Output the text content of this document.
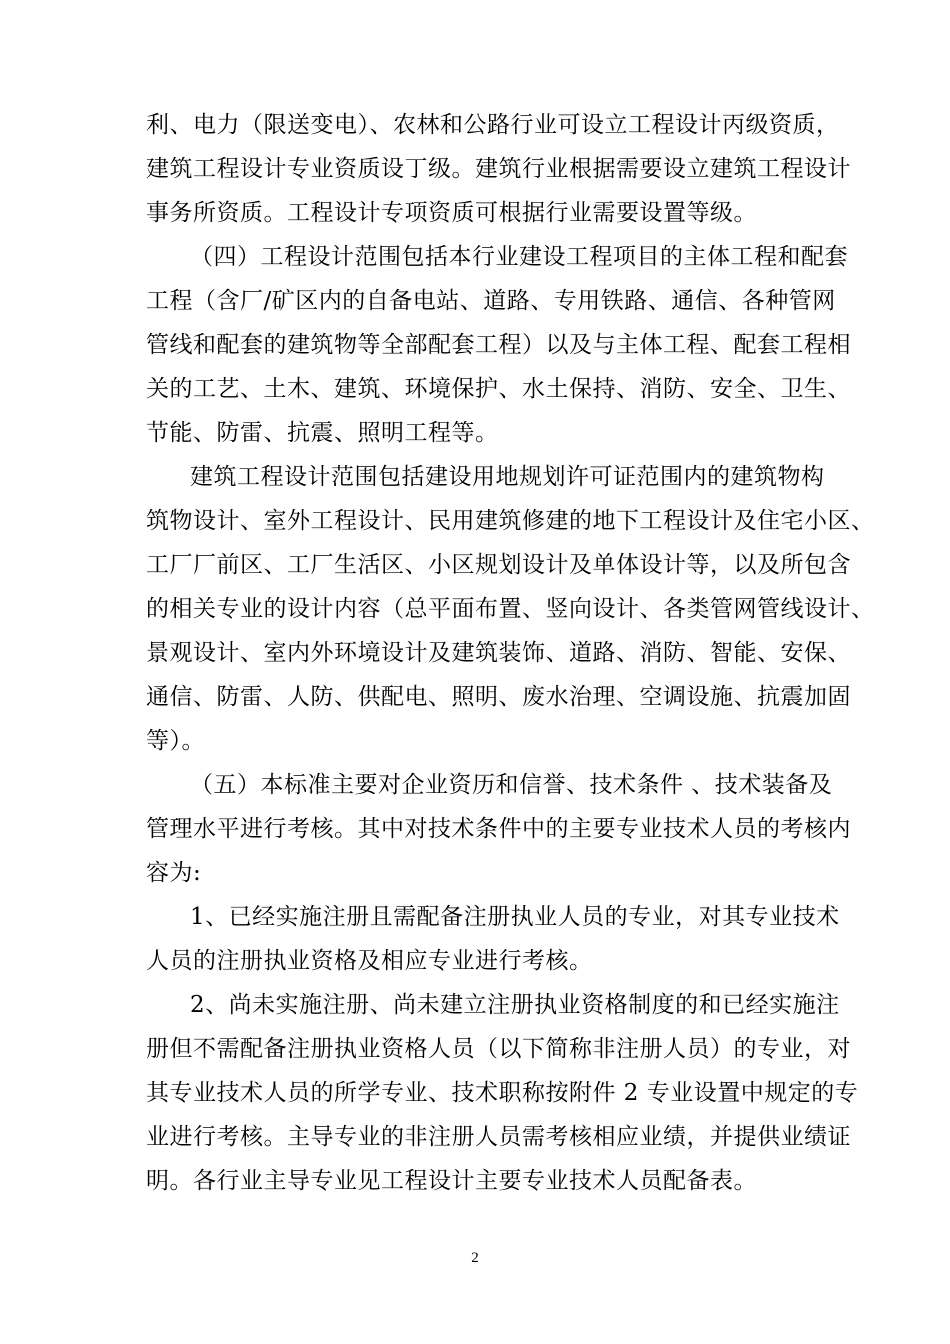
利、电力（限送变电）、农林和公路行业可设立工程设计丙级资质，
建筑工程设计专业资质设丁级。建筑行业根据需要设立建筑工程设计
事务所资质。工程设计专项资质可根据行业需要设置等级。
（四）工程设计范围包括本行业建设工程项目的主体工程和配套
工程（含厂/矿区内的自备电站、道路、专用铁路、通信、各种管网
管线和配套的建筑物等全部配套工程）以及与主体工程、配套工程相
关的工艺、土木、建筑、环境保护、水土保持、消防、安全、卫生、
节能、防雷、抗震、照明工程等。
建筑工程设计范围包括建设用地规划许可证范围内的建筑物构
筑物设计、室外工程设计、民用建筑修建的地下工程设计及住宅小区、
工厂厂前区、工厂生活区、小区规划设计及单体设计等，以及所包含
的相关专业的设计内容（总平面布置、竖向设计、各类管网管线设计、
景观设计、室内外环境设计及建筑装饰、道路、消防、智能、安保、
通信、防雷、人防、供配电、照明、废水治理、空调设施、抗震加固
等）。
（五）本标准主要对企业资历和信誉、技术条件 、技术装备及
管理水平进行考核。其中对技术条件中的主要专业技术人员的考核内
容为:
1、已经实施注册且需配备注册执业人员的专业，对其专业技术
人员的注册执业资格及相应专业进行考核。
2、尚未实施注册、尚未建立注册执业资格制度的和已经实施注
册但不需配备注册执业资格人员（以下简称非注册人员）的专业，对
其专业技术人员的所学专业、技术职称按附件 2 专业设置中规定的专
业进行考核。主导专业的非注册人员需考核相应业绩，并提供业绩证
明。各行业主导专业见工程设计主要专业技术人员配备表。
2
